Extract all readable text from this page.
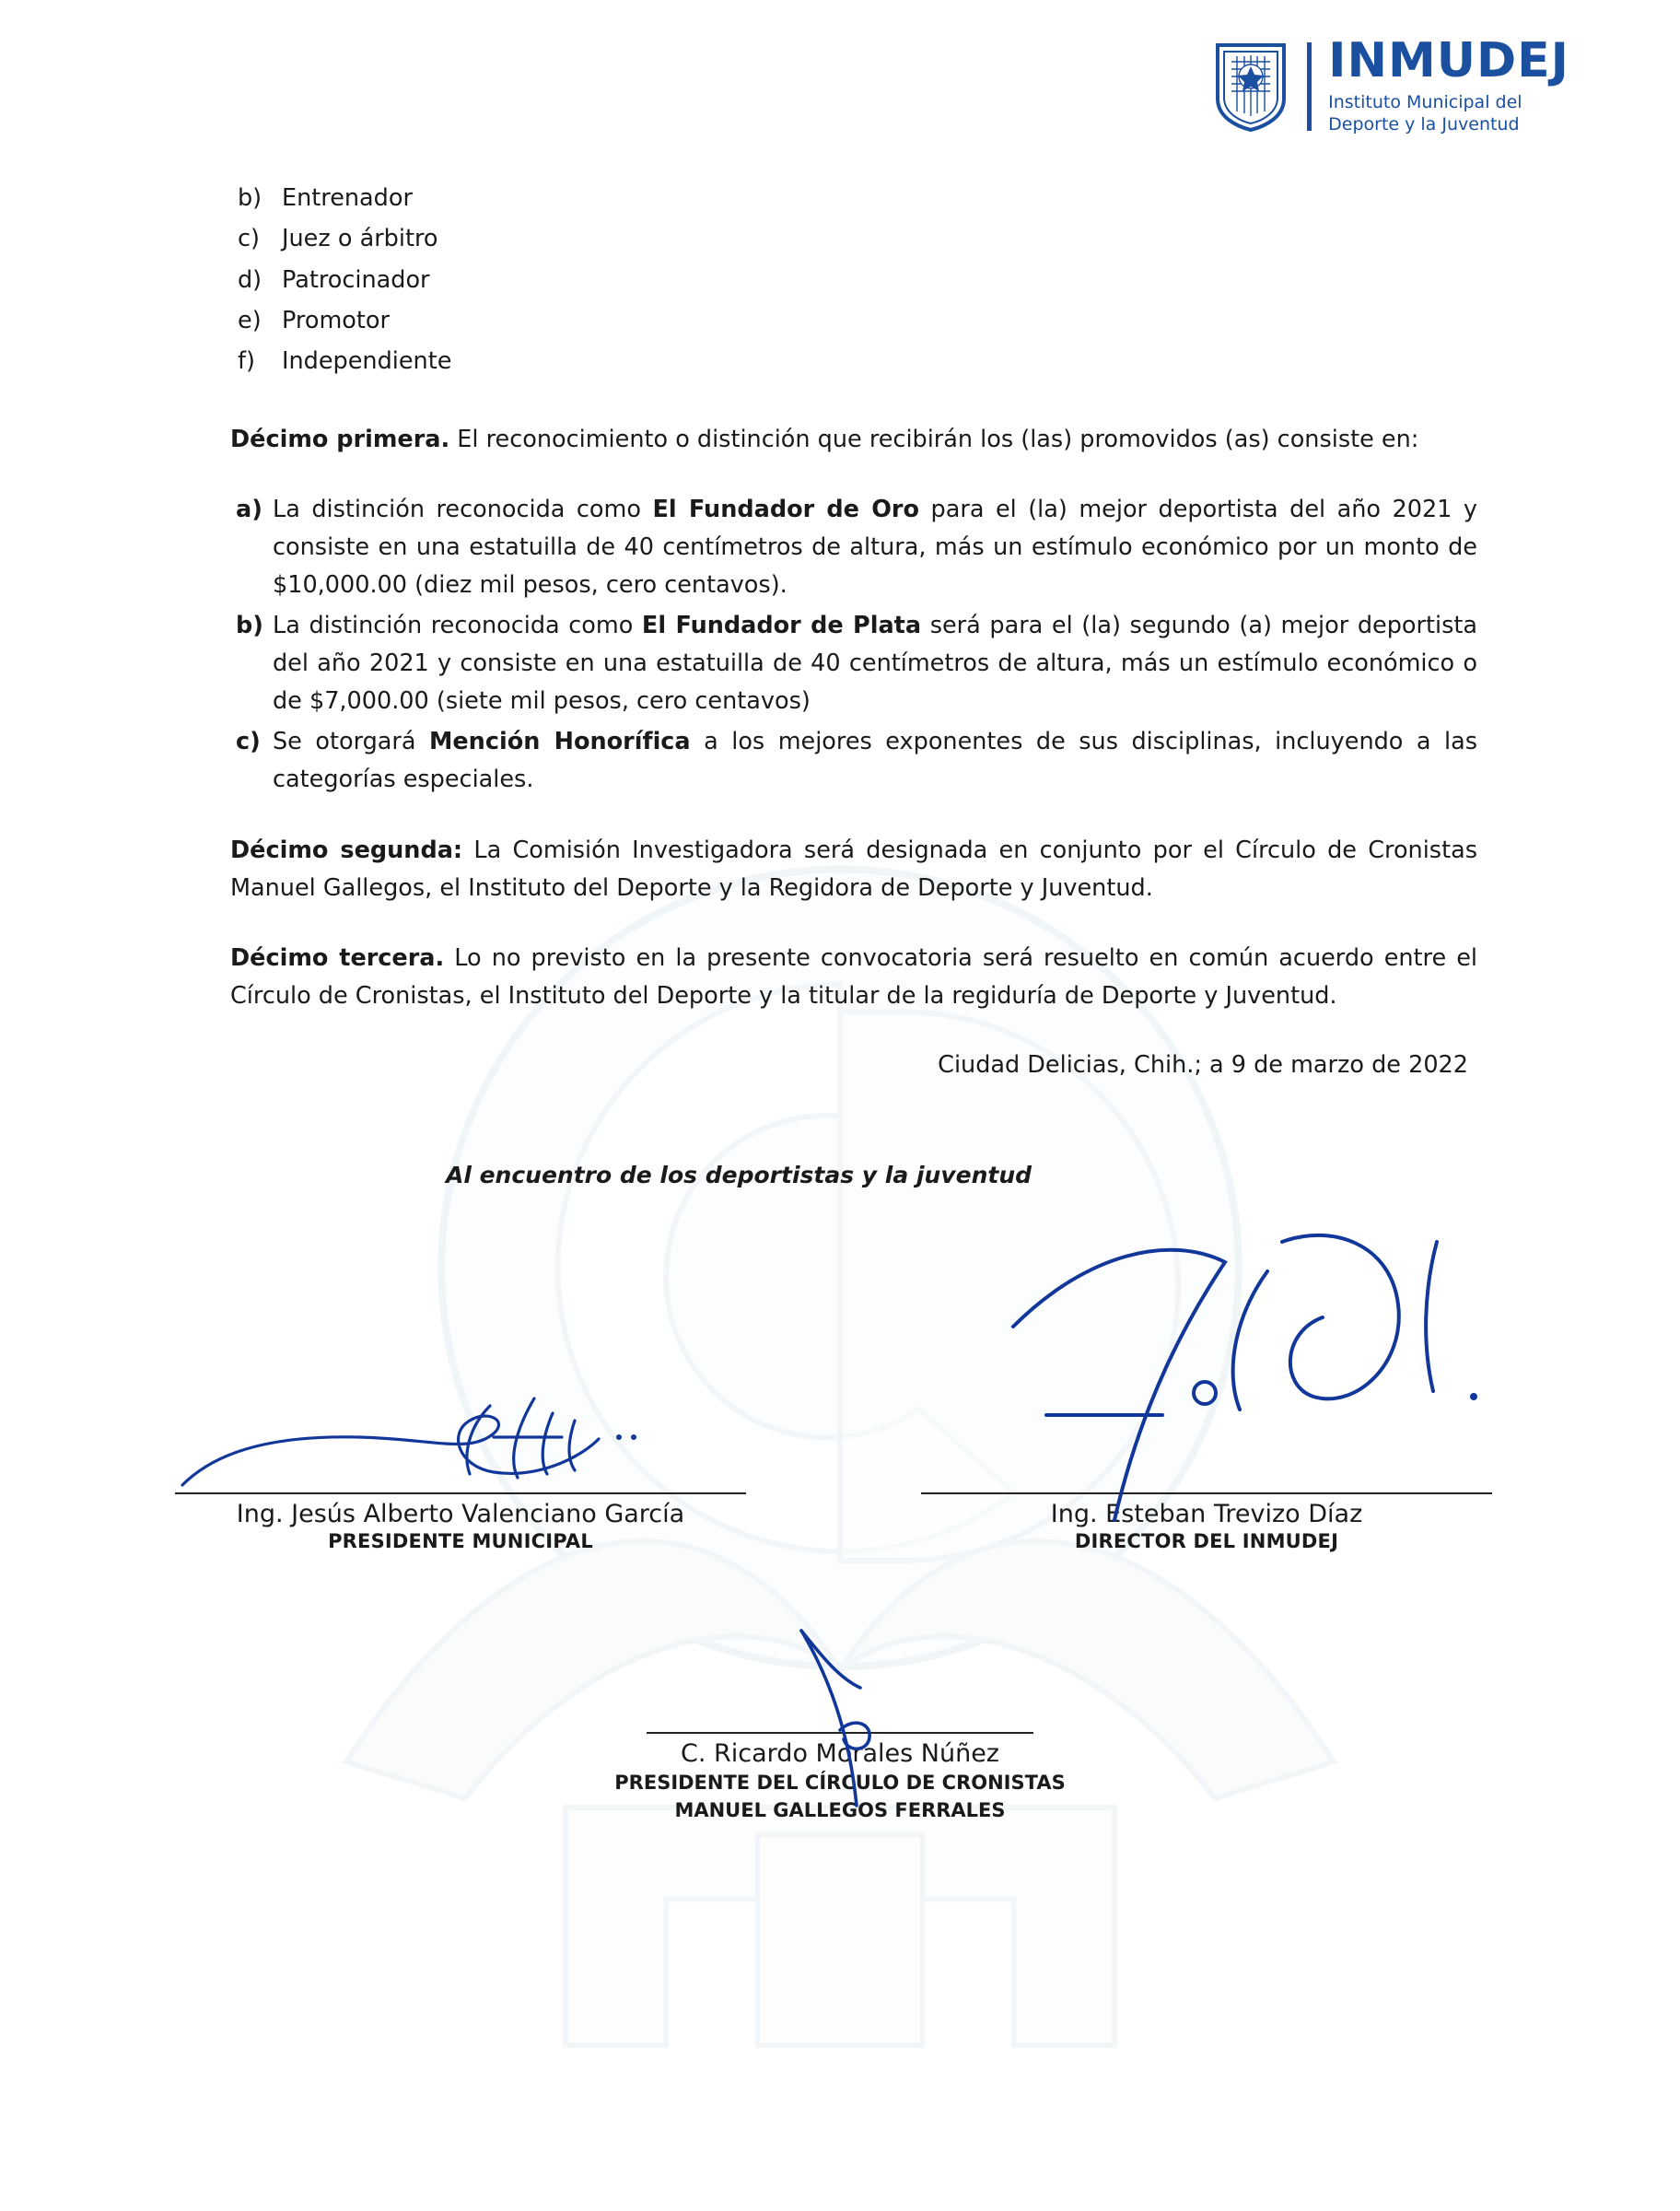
INMUDEJ
Instituto Municipal del
Deporte y la Juventud
b) Entrenador
c) Juez o árbitro
d) Patrocinador
e) Promotor
f)	Independiente

Décimo primera. El reconocimiento o distinción que recibirán los (las) promovidos (as) consiste en:

a) La distinción reconocida como El Fundador de Oro para el (la) mejor deportista del año 2021 y consiste en una estatuilla de 40 centímetros de altura, más un estímulo económico por un monto de $10,000.00 (diez mil pesos, cero centavos).
b) La distinción reconocida como El Fundador de Plata será para el (la) segundo (a) mejor deportista del año 2021 y consiste en una estatuilla de 40 centímetros de altura, más un estímulo económico o de $7,000.00 (siete mil pesos, cero centavos)
c) Se otorgará Mención Honorífica a los mejores exponentes de sus disciplinas, incluyendo a las categorías especiales.

Décimo segunda: La Comisión Investigadora será designada en conjunto por el Círculo de Cronistas Manuel Gallegos, el Instituto del Deporte y la Regidora de Deporte y Juventud.

Décimo tercera. Lo no previsto en la presente convocatoria será resuelto en común acuerdo entre el Círculo de Cronistas, el Instituto del Deporte y la titular de la regiduría de Deporte y Juventud.

Ciudad Delicias, Chih.; a 9 de marzo de 2022

Al encuentro de los deportistas y la juventud

Ing. Jesús Alberto Valenciano García
PRESIDENTE MUNICIPAL
Ing. Esteban Trevizo Díaz
DIRECTOR DEL INMUDEJ
C. Ricardo Morales Núñez
PRESIDENTE DEL CÍRCULO DE CRONISTAS
MANUEL GALLEGOS FERRALES
